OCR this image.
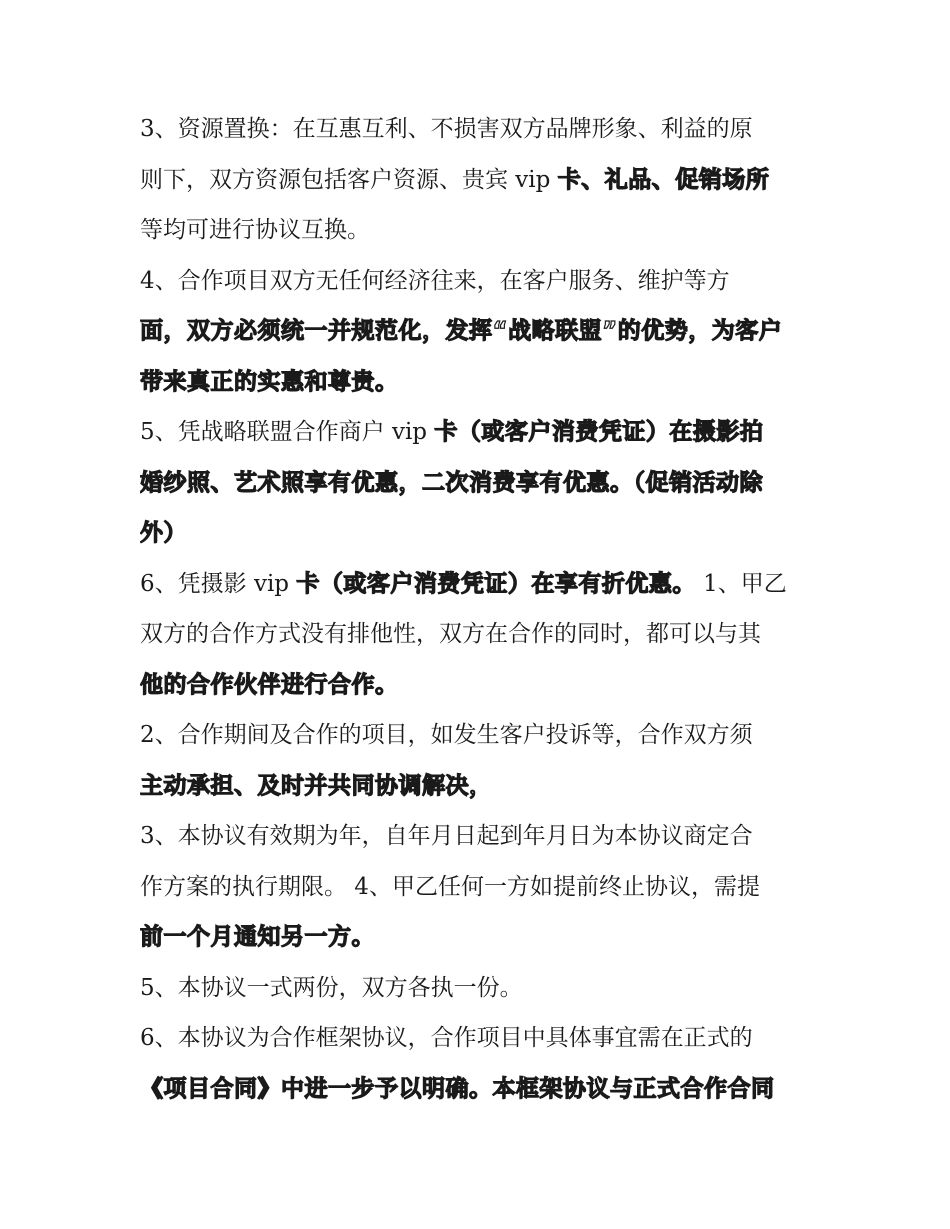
3、资源置换：在互惠互利、不损害双方品牌形象、利益的原
则下，双方资源包括客户资源、贵宾 vip 卡、礼品、促销场所
等均可进行协议互换。
4、合作项目双方无任何经济往来，在客户服务、维护等方
面，双方必须统一并规范化，发挥“战略联盟”的优势，为客户
带来真正的实惠和尊贵。
5、凭战略联盟合作商户 vip 卡（或客户消费凭证）在摄影拍
婚纱照、艺术照享有优惠，二次消费享有优惠。（促销活动除
外）
6、凭摄影 vip 卡（或客户消费凭证）在享有折优惠。 1、甲乙
双方的合作方式没有排他性，双方在合作的同时，都可以与其
他的合作伙伴进行合作。
2、合作期间及合作的项目，如发生客户投诉等，合作双方须
主动承担、及时并共同协调解决，
3、本协议有效期为年，自年月日起到年月日为本协议商定合
作方案的执行期限。 4、甲乙任何一方如提前终止协议，需提
前一个月通知另一方。
5、本协议一式两份，双方各执一份。
6、本协议为合作框架协议，合作项目中具体事宜需在正式的
《项目合同》中进一步予以明确。本框架协议与正式合作合同
